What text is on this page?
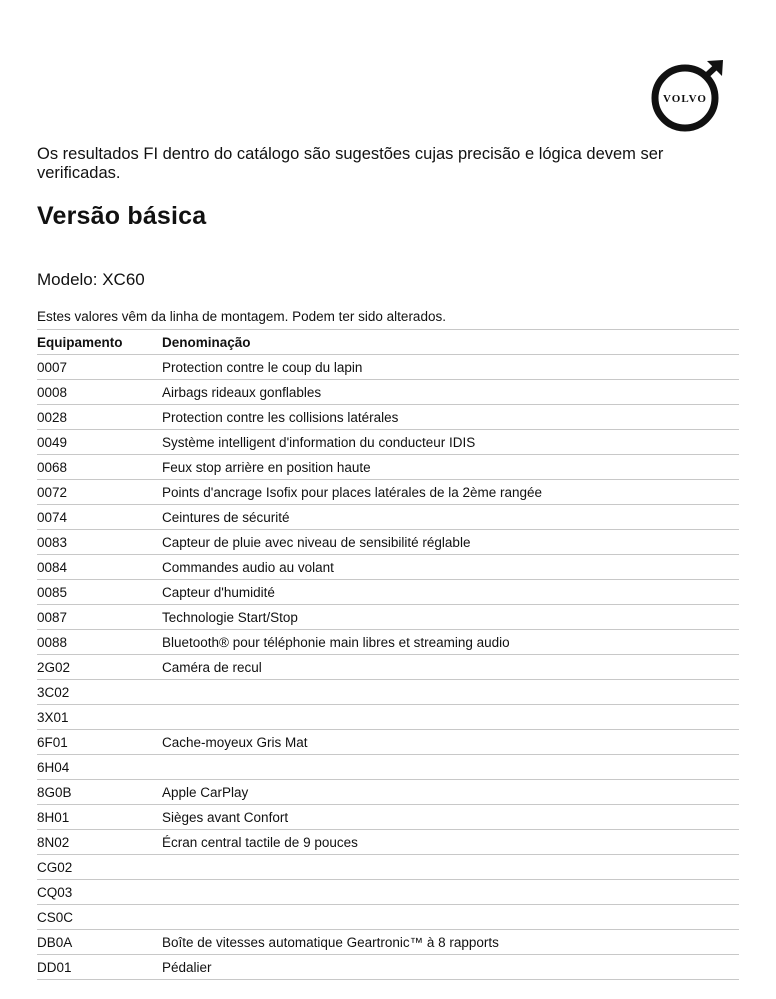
VOLVO
Os resultados FI dentro do catálogo são sugestões cujas precisão e lógica devem ser verificadas.
Versão básica
Modelo: XC60
Estes valores vêm da linha de montagem. Podem ter sido alterados.
Equipamento	Denominação
0007	Protection contre le coup du lapin
0008	Airbags rideaux gonflables
0028	Protection contre les collisions latérales
0049	Système intelligent d'information du conducteur IDIS
0068	Feux stop arrière en position haute
0072	Points d'ancrage Isofix pour places latérales de la 2ème rangée
0074	Ceintures de sécurité
0083	Capteur de pluie avec niveau de sensibilité réglable
0084	Commandes audio au volant
0085	Capteur d'humidité
0087	Technologie Start/Stop
0088	Bluetooth® pour téléphonie main libres et streaming audio
2G02	Caméra de recul
3C02
3X01
6F01	Cache-moyeux Gris Mat
6H04
8G0B	Apple CarPlay
8H01	Sièges avant Confort
8N02	Écran central tactile de 9 pouces
CG02
CQ03
CS0C
DB0A	Boîte de vitesses automatique Geartronic™ à 8 rapports
DD01	Pédalier
